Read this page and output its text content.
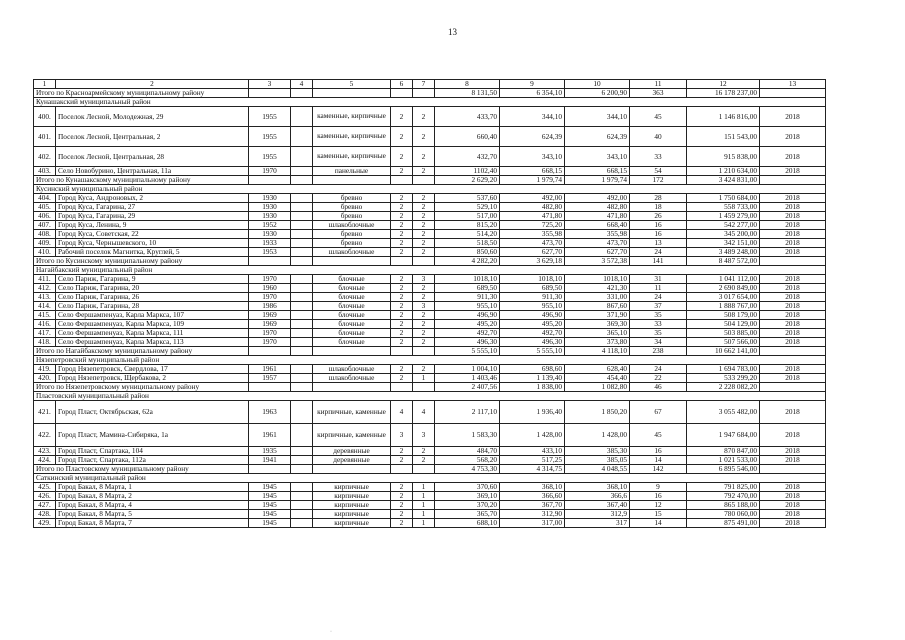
13
1	2	3	4	5	6	7	8	9	10	11	12	13
Итого по Красноармейскому муниципальному району							8 131,50	6 354,10	6 200,90	363	16 178 237,00	
Кунашакский муниципальный район												
400.	Поселок Лесной, Молодежная, 29	1955		каменные, кирпичные	2	2	433,70	344,10	344,10	45	1 146 816,00	2018
401.	Поселок Лесной, Центральная, 2	1955		каменные, кирпичные	2	2	660,40	624,39	624,39	40	151 543,00	2018
402.	Поселок Лесной, Центральная, 28	1955		каменные, кирпичные	2	2	432,70	343,10	343,10	33	915 838,00	2018
403.	Село Новобурино, Центральная, 11а	1970		панельные	2	2	1102,40	668,15	668,15	54	1 210 634,00	2018
Итого по Кунашакскому муниципальному району							2 629,20	1 979,74	1 979,74	172	3 424 831,00	
Кусинский муниципальный район												
404.	Город Куса, Андроновых, 2	1930		бревно	2	2	537,60	492,00	492,00	28	1 750 684,00	2018
405.	Город Куса, Гагарина, 27	1930		бревно	2	2	529,10	482,80	482,80	18	558 733,00	2018
406.	Город Куса, Гагарина, 29	1930		бревно	2	2	517,00	471,80	471,80	26	1 459 279,00	2018
407.	Город Куса, Ленина, 9	1952		шлакоблочные	2	2	815,20	725,20	668,40	16	542 277,00	2018
408.	Город Куса, Советская, 22	1930		бревно	2	2	514,20	355,98	355,98	16	345 200,00	2018
409.	Город Куса, Чернышевского, 10	1933		бревно	2	2	518,50	473,70	473,70	13	342 151,00	2018
410.	Рабочий поселок Магнитка, Круглей, 5	1953		шлакоблочные	2	2	850,60	627,70	627,70	24	3 489 248,00	2018
Итого по Кусинскому муниципальному району							4 282,20	3 629,18	3 572,38	141	8 487 572,00	
Нагайбакский муниципальный район												
411.	Село Париж, Гагарина, 9	1970		блочные	2	3	1018,10	1018,10	1018,10	31	1 041 112,00	2018
412.	Село Париж, Гагарина, 20	1960		блочные	2	2	689,50	689,50	421,30	11	2 690 849,00	2018
413.	Село Париж, Гагарина, 26	1970		блочные	2	2	911,30	911,30	331,00	24	3 017 654,00	2018
414.	Село Париж, Гагарина, 28	1986		блочные	2	3	955,10	955,10	867,60	37	1 888 767,00	2018
415.	Село Фершампенуаз, Карла Маркса, 107	1969		блочные	2	2	496,90	496,90	371,90	35	508 179,00	2018
416.	Село Фершампенуаз, Карла Маркса, 109	1969		блочные	2	2	495,20	495,20	369,30	33	504 129,00	2018
417.	Село Фершампенуаз, Карла Маркса, 111	1970		блочные	2	2	492,70	492,70	365,10	35	503 885,00	2018
418.	Село Фершампенуаз, Карла Маркса, 113	1970		блочные	2	2	496,30	496,30	373,80	34	507 566,00	2018
Итого по Нагайбакскому муниципальному району							5 555,10	5 555,10	4 118,10	238	10 662 141,00	
Нязепетровский муниципальный район												
419.	Город Нязепетровск, Свердлова, 17	1961		шлакоблочные	2	2	1 004,10	698,60	628,40	24	1 694 783,00	2018
420.	Город Нязепетровск, Щербакова, 2	1957		шлакоблочные	2	1	1 403,46	1 139,40	454,40	22	533 299,20	2018
Итого по Нязепетровскому муниципальному району							2 407,56	1 838,00	1 082,80	46	2 228 082,20	
Пластовский муниципальный район												
421.	Город Пласт, Октябрьская, 62а	1963		кирпичные, каменные	4	4	2 117,10	1 936,40	1 850,20	67	3 055 482,00	2018
422.	Город Пласт, Мамина-Сибиряка, 1а	1961		кирпичные, каменные	3	3	1 583,30	1 428,00	1 428,00	45	1 947 684,00	2018
423.	Город Пласт, Спартака, 104	1935		деревянные	2	2	484,70	433,10	385,30	16	870 847,00	2018
424.	Город Пласт, Спартака, 112а	1941		деревянные	2	2	568,20	517,25	385,05	14	1 021 533,00	2018
Итого по Пластовскому муниципальному району							4 753,30	4 314,75	4 048,55	142	6 895 546,00	
Саткинский муниципальный район												
425.	Город Бакал, 8 Марта, 1	1945		кирпичные	2	1	370,60	368,10	368,10	9	791 825,00	2018
426.	Город Бакал, 8 Марта, 2	1945		кирпичные	2	1	369,10	366,60	366,6	16	792 470,00	2018
427.	Город Бакал, 8 Марта, 4	1945		кирпичные	2	1	370,20	367,70	367,40	12	865 188,00	2018
428.	Город Бакал, 8 Марта, 5	1945		кирпичные	2	1	365,70	312,90	312,9	15	780 060,00	2018
429.	Город Бакал, 8 Марта, 7	1945		кирпичные	2	1	688,10	317,00	317	14	875 491,00	2018
·
